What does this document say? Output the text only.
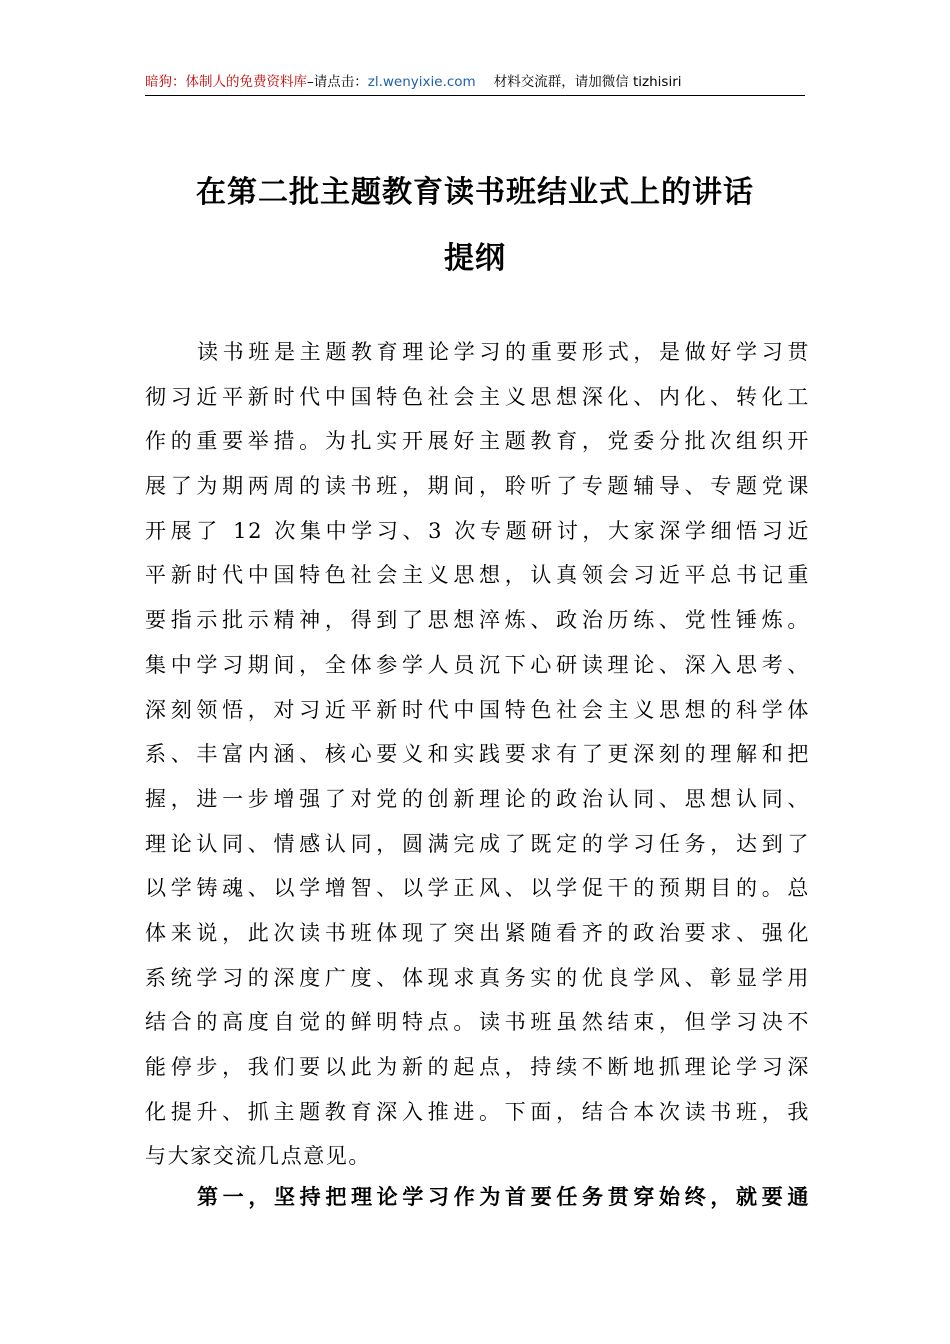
暗狗：体制人的免费资料库–请点击：zl.wenyixie.com 材料交流群，请加微信 tizhisiri
在第二批主题教育读书班结业式上的讲话
提纲
读书班是主题教育理论学习的重要形式，是做好学习贯
彻习近平新时代中国特色社会主义思想深化、内化、转化工
作的重要举措。为扎实开展好主题教育，党委分批次组织开
展了为期两周的读书班，期间，聆听了专题辅导、专题党课
开展了 12 次集中学习、3 次专题研讨，大家深学细悟习近
平新时代中国特色社会主义思想，认真领会习近平总书记重
要指示批示精神，得到了思想淬炼、政治历练、党性锤炼。
集中学习期间，全体参学人员沉下心研读理论、深入思考、
深刻领悟，对习近平新时代中国特色社会主义思想的科学体
系、丰富内涵、核心要义和实践要求有了更深刻的理解和把
握，进一步增强了对党的创新理论的政治认同、思想认同、
理论认同、情感认同，圆满完成了既定的学习任务，达到了
以学铸魂、以学增智、以学正风、以学促干的预期目的。总
体来说，此次读书班体现了突出紧随看齐的政治要求、强化
系统学习的深度广度、体现求真务实的优良学风、彰显学用
结合的高度自觉的鲜明特点。读书班虽然结束，但学习决不
能停步，我们要以此为新的起点，持续不断地抓理论学习深
化提升、抓主题教育深入推进。下面，结合本次读书班，我
与大家交流几点意见。
第一，坚持把理论学习作为首要任务贯穿始终，就要通
